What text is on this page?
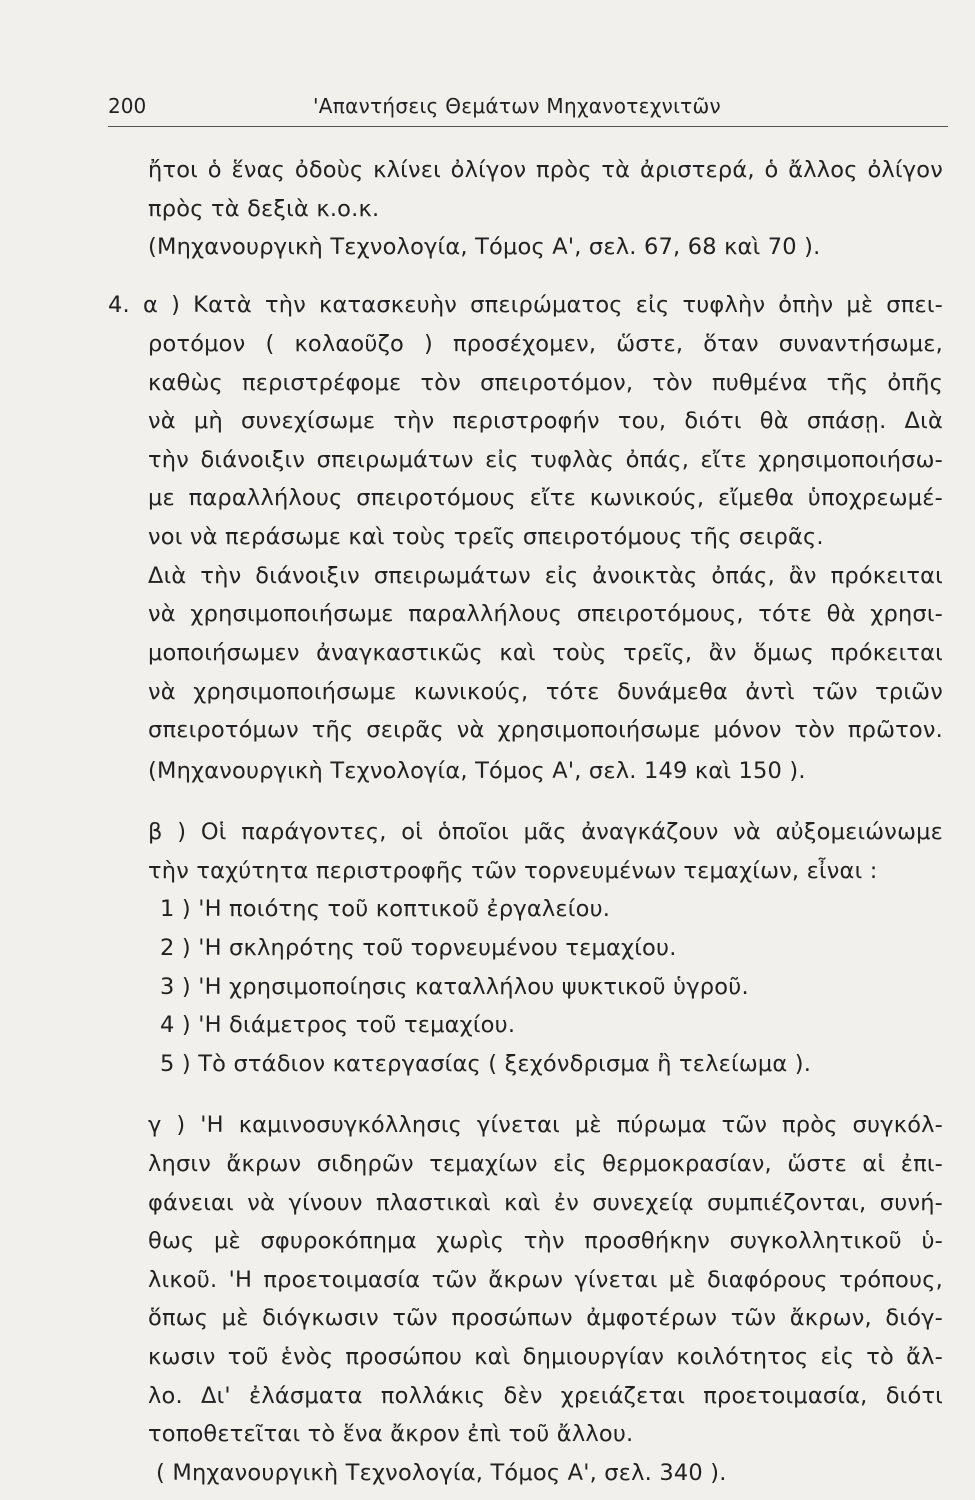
200	'Απαντήσεις Θεμάτων Μηχανοτεχνιτῶν
ἤτοι ὁ ἕνας ὀδοὺς κλίνει ὀλίγον πρὸς τὰ ἀριστερά, ὁ ἄλλος ὀλίγον
πρὸς τὰ δεξιὰ κ.ο.κ.
(Μηχανουργικὴ Τεχνολογία, Τόμος Α', σελ. 67, 68 καὶ 70 ).
4. α ) Κατὰ τὴν κατασκευὴν σπειρώματος εἰς τυφλὴν ὀπὴν μὲ σπει-
ροτόμον ( κολαοῦζο ) προσέχομεν, ὥστε, ὅταν συναντήσωμε,
καθὼς περιστρέφομε τὸν σπειροτόμον, τὸν πυθμένα τῆς ὀπῆς
νὰ μὴ συνεχίσωμε τὴν περιστροφήν του, διότι θὰ σπάσῃ. Διὰ
τὴν διάνοιξιν σπειρωμάτων εἰς τυφλὰς ὀπάς, εἴτε χρησιμοποιήσω-
με παραλλήλους σπειροτόμους εἴτε κωνικούς, εἴμεθα ὑποχρεωμέ-
νοι νὰ περάσωμε καὶ τοὺς τρεῖς σπειροτόμους τῆς σειρᾶς.
Διὰ τὴν διάνοιξιν σπειρωμάτων εἰς ἀνοικτὰς ὀπάς, ἂν πρόκειται
νὰ χρησιμοποιήσωμε παραλλήλους σπειροτόμους, τότε θὰ χρησι-
μοποιήσωμεν ἀναγκαστικῶς καὶ τοὺς τρεῖς, ἂν ὅμως πρόκειται
νὰ χρησιμοποιήσωμε κωνικούς, τότε δυνάμεθα ἀντὶ τῶν τριῶν
σπειροτόμων τῆς σειρᾶς νὰ χρησιμοποιήσωμε μόνον τὸν πρῶτον.
(Μηχανουργικὴ Τεχνολογία, Τόμος Α', σελ. 149 καὶ 150 ).
β ) Οἱ παράγοντες, οἱ ὁποῖοι μᾶς ἀναγκάζουν νὰ αὐξομειώνωμε
τὴν ταχύτητα περιστροφῆς τῶν τορνευμένων τεμαχίων, εἶναι :
1 ) 'Η ποιότης τοῦ κοπτικοῦ ἐργαλείου.
2 ) 'Η σκληρότης τοῦ τορνευμένου τεμαχίου.
3 ) 'Η χρησιμοποίησις καταλλήλου ψυκτικοῦ ὑγροῦ.
4 ) 'Η διάμετρος τοῦ τεμαχίου.
5 ) Τὸ στάδιον κατεργασίας ( ξεχόνδρισμα ἢ τελείωμα ).
γ ) 'Η καμινοσυγκόλλησις γίνεται μὲ πύρωμα τῶν πρὸς συγκόλ-
λησιν ἄκρων σιδηρῶν τεμαχίων εἰς θερμοκρασίαν, ὥστε αἱ ἐπι-
φάνειαι νὰ γίνουν πλαστικαὶ καὶ ἐν συνεχείᾳ συμπιέζονται, συνή-
θως μὲ σφυροκόπημα χωρὶς τὴν προσθήκην συγκολλητικοῦ ὑ-
λικοῦ. 'Η προετοιμασία τῶν ἄκρων γίνεται μὲ διαφόρους τρόπους,
ὅπως μὲ διόγκωσιν τῶν προσώπων ἀμφοτέρων τῶν ἄκρων, διόγ-
κωσιν τοῦ ἑνὸς προσώπου καὶ δημιουργίαν κοιλότητος εἰς τὸ ἄλ-
λο. Δι' ἐλάσματα πολλάκις δὲν χρειάζεται προετοιμασία, διότι
τοποθετεῖται τὸ ἕνα ἄκρον ἐπὶ τοῦ ἄλλου.
( Μηχανουργικὴ Τεχνολογία, Τόμος Α', σελ. 340 ).
